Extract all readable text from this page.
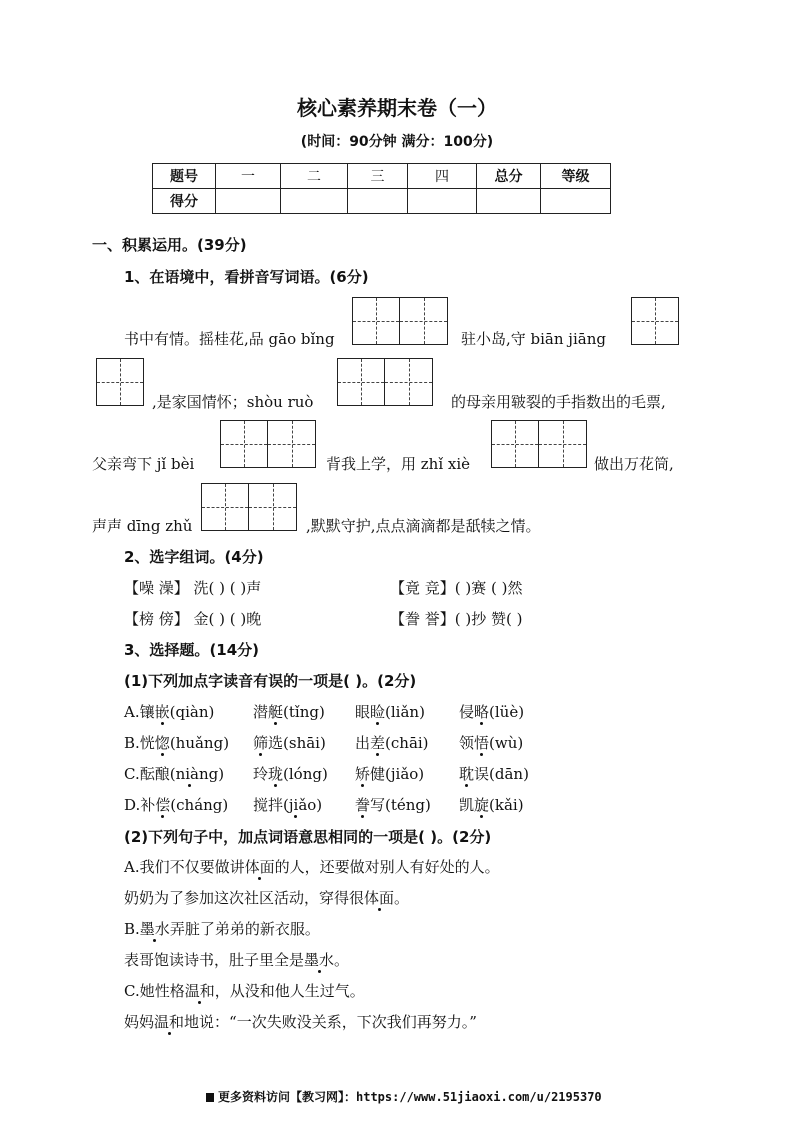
核心素养期末卷（一）
(时间：90分钟 满分：100分)
题号	一	二	三	四	总分	等级
得分						
一、积累运用。(39分)
1、在语境中，看拼音写词语。(6分)
书中有情。摇桂花,品 gāo bǐng	驻小岛,守 biān jiāng
,是家国情怀；shòu ruò	的母亲用皲裂的手指数出的毛票,
父亲弯下 jǐ bèi	背我上学，用 zhǐ xiè	做出万花筒,
声声 dīng zhǔ	,默默守护,点点滴滴都是舐犊之情。
2、选字组词。(4分)
【噪 澡】 洗( ) ( )声	【竟 竞】( )赛 ( )然
【榜 傍】 金( ) ( )晚	【誊 誉】( )抄 赞( )
3、选择题。(14分)
(1)下列加点字读音有误的一项是( )。(2分)
A.镶嵌(qiàn)	潜艇(tǐng) 眼睑(liǎn) 侵略(lüè)
B.恍惚(huǎng) 筛选(shāi) 出差(chāi) 领悟(wù)
C.酝酿(niàng) 玲珑(lóng) 矫健(jiǎo) 耽误(dān)
D.补偿(cháng) 搅拌(jiǎo) 誊写(téng) 凯旋(kǎi)
(2)下列句子中，加点词语意思相同的一项是( )。(2分)
A.我们不仅要做讲体面的人，还要做对别人有好处的人。
奶奶为了参加这次社区活动，穿得很体面。
B.墨水弄脏了弟弟的新衣服。
表哥饱读诗书，肚子里全是墨水。
C.她性格温和，从没和他人生过气。
妈妈温和地说：“一次失败没关系，下次我们再努力。”
更多资料访问【教习网】：https://www.51jiaoxi.com/u/2195370
